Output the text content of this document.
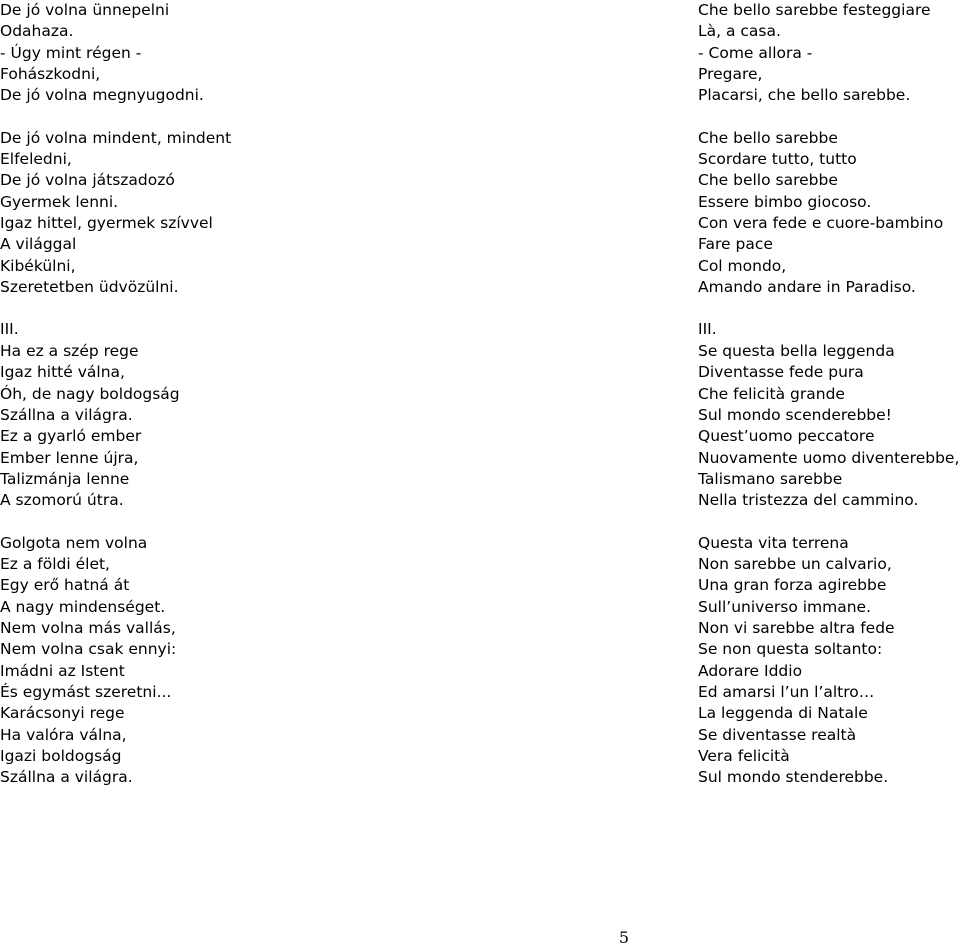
De jó volna ünnepelni
Odahaza.
- Úgy mint régen -
Fohászkodni,
De jó volna megnyugodni.
De jó volna mindent, mindent
Elfeledni,
De jó volna játszadozó
Gyermek lenni.
Igaz hittel, gyermek szívvel
A világgal
Kibékülni,
Szeretetben üdvözülni.
III.
Ha ez a szép rege
Igaz hitté válna,
Óh, de nagy boldogság
Szállna a világra.
Ez a gyarló ember
Ember lenne újra,
Talizmánja lenne
A szomorú útra.
Golgota nem volna
Ez a földi élet,
Egy erő hatná át
A nagy mindenséget.
Nem volna más vallás,
Nem volna csak ennyi:
Imádni az Istent
És egymást szeretni...
Karácsonyi rege
Ha valóra válna,
Igazi boldogság
Szállna a világra.
Che bello sarebbe festeggiare
Là, a casa.
- Come allora -
Pregare,
Placarsi, che bello sarebbe.
Che bello sarebbe
Scordare tutto, tutto
Che bello sarebbe
Essere bimbo giocoso.
Con vera fede e cuore-bambino
Fare pace
Col mondo,
Amando andare in Paradiso.
III.
Se questa bella leggenda
Diventasse fede pura
Che felicità grande
Sul mondo scenderebbe!
Quest’uomo peccatore
Nuovamente uomo diventerebbe,
Talismano sarebbe
Nella tristezza del cammino.
Questa vita terrena
Non sarebbe un calvario,
Una gran forza agirebbe
Sull’universo immane.
Non vi sarebbe altra fede
Se non questa soltanto:
Adorare Iddio
Ed amarsi l’un l’altro…
La leggenda di Natale
Se diventasse realtà
Vera felicità
Sul mondo stenderebbe.
5
